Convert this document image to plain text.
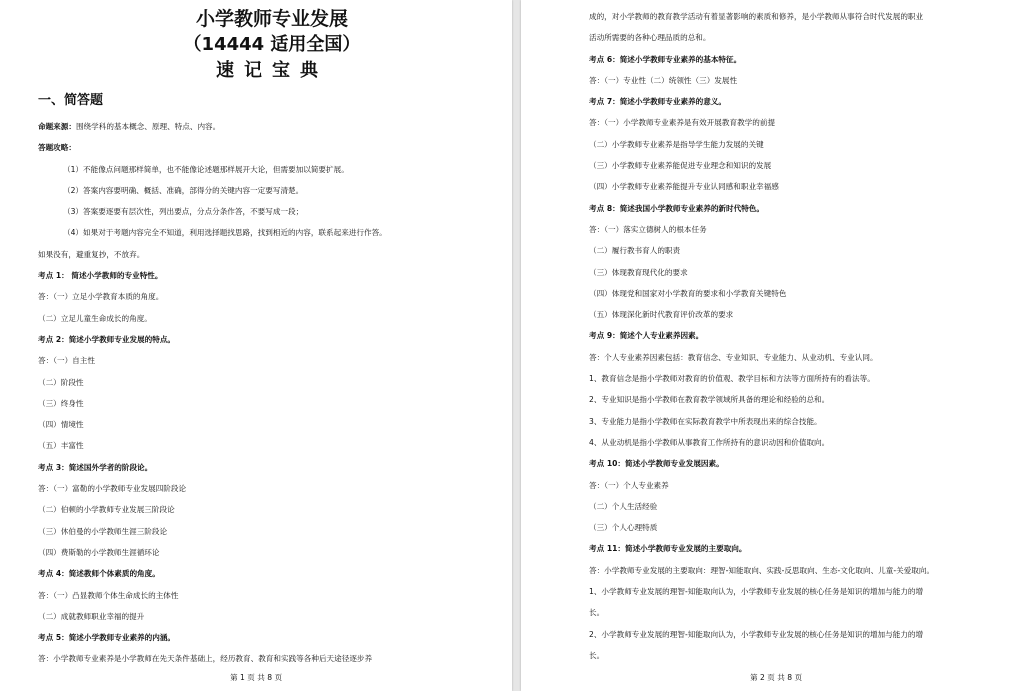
小学教师专业发展
（14444 适用全国）
速记宝典
一、简答题
命题来源：围绕学科的基本概念、原理、特点、内容。
答题攻略：
（1）不能像点问题那样简单，也不能像论述题那样展开大论，但需要加以简要扩展。
（2）答案内容要明确、概括、准确，部得分的关键内容一定要写清楚。
（3）答案要逐要有层次性，列出要点，分点分条作答，不要写成一段；
（4）如果对于考题内容完全不知道，利用选择题找思路，找到相近的内容，联系起来进行作答。
如果没有，避重复抄，不放弃。
考点 1： 简述小学教师的专业特性。
答：（一）立足小学教育本质的角度。
（二）立足儿童生命成长的角度。
考点 2：简述小学教师专业发展的特点。
答：（一）自主性
（二）阶段性
（三）终身性
（四）情境性
（五）丰富性
考点 3：简述国外学者的阶段论。
答：（一）富勒的小学教师专业发展四阶段论
（二）伯顿的小学教师专业发展三阶段论
（三）休伯曼的小学教师生涯三阶段论
（四）费斯勒的小学教师生涯循环论
考点 4：简述教师个体素质的角度。
答：（一）凸显教师个体生命成长的主体性
（二）成就教师职业幸福的提升
考点 5：简述小学教师专业素养的内涵。
答：小学教师专业素养是小学教师在先天条件基础上，经历教育、教育和实践等各种后天途径逐步养
第 1 页 共 8 页
成的，对小学教师的教育教学活动有着显著影响的素质和修养，是小学教师从事符合时代发展的职业
活动所需要的各种心理品质的总和。
考点 6：简述小学教师专业素养的基本特征。
答：（一）专业性（二）统领性（三）发展性
考点 7：简述小学教师专业素养的意义。
答：（一）小学教师专业素养是有效开展教育教学的前提
（二）小学教师专业素养是指导学生能力发展的关键
（三）小学教师专业素养能促进专业理念和知识的发展
（四）小学教师专业素养能提升专业认同感和职业幸福感
考点 8：简述我国小学教师专业素养的新时代特色。
答：（一）落实立德树人的根本任务
（二）履行教书育人的职责
（三）体现教育现代化的要求
（四）体现党和国家对小学教育的要求和小学教育关键特色
（五）体现深化新时代教育评价改革的要求
考点 9：简述个人专业素养因素。
答：个人专业素养因素包括：教育信念、专业知识、专业能力、从业动机、专业认同。
1、教育信念是指小学教师对教育的价值观、教学目标和方法等方面所持有的看法等。
2、专业知识是指小学教师在教育教学领域所具备的理论和经验的总和。
3、专业能力是指小学教师在实际教育教学中所表现出来的综合技能。
4、从业动机是指小学教师从事教育工作所持有的意识动因和价值取向。
考点 10：简述小学教师专业发展因素。
答：（一）个人专业素养
（二）个人生活经验
（三）个人心理特质
考点 11：简述小学教师专业发展的主要取向。
答：小学教师专业发展的主要取向：理智-知能取向、实践-反思取向、生态-文化取向、儿童-关爱取向。
1、小学教师专业发展的理智-知能取向认为，小学教师专业发展的核心任务是知识的增加与能力的增
长。
2、小学教师专业发展的理智-知能取向认为，小学教师专业发展的核心任务是知识的增加与能力的增
长。
第 2 页 共 8 页
